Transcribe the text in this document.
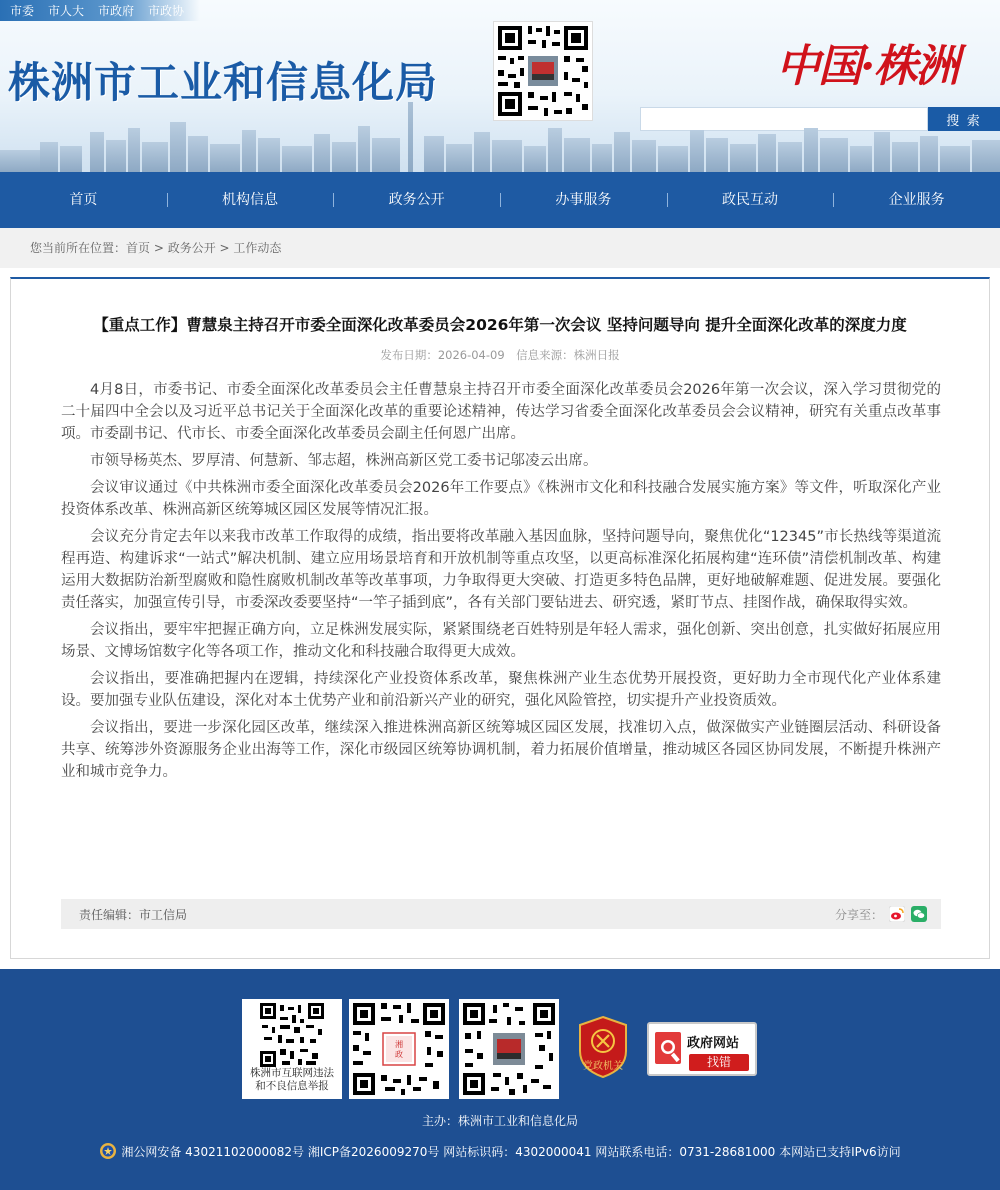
市委 市人大 市政府 市政协
株洲市工业和信息化局	中国·株洲
搜 索
首页	机构信息	政务公开	办事服务	政民互动	企业服务
您当前所在位置：首页 > 政务公开 > 工作动态
【重点工作】曹慧泉主持召开市委全面深化改革委员会2026年第一次会议 坚持问题导向 提升全面深化改革的深度力度
发布日期：2026-04-09　信息来源：株洲日报

4月8日，市委书记、市委全面深化改革委员会主任曹慧泉主持召开市委全面深化改革委员会2026年第一次会议，深入学习贯彻党的二十届四中全会以及习近平总书记关于全面深化改革的重要论述精神，传达学习省委全面深化改革委员会会议精神，研究有关重点改革事项。市委副书记、代市长、市委全面深化改革委员会副主任何恩广出席。

市领导杨英杰、罗厚清、何慧新、邹志超，株洲高新区党工委书记邬凌云出席。

会议审议通过《中共株洲市委全面深化改革委员会2026年工作要点》《株洲市文化和科技融合发展实施方案》等文件，听取深化产业投资体系改革、株洲高新区统筹城区园区发展等情况汇报。

会议充分肯定去年以来我市改革工作取得的成绩，指出要将改革融入基因血脉，坚持问题导向，聚焦优化“12345”市长热线等渠道流程再造、构建诉求“一站式”解决机制、建立应用场景培育和开放机制等重点攻坚，以更高标准深化拓展构建“连环债”清偿机制改革、构建运用大数据防治新型腐败和隐性腐败机制改革等改革事项，力争取得更大突破、打造更多特色品牌，更好地破解难题、促进发展。要强化责任落实，加强宣传引导，市委深改委要坚持“一竿子插到底”，各有关部门要钻进去、研究透，紧盯节点、挂图作战，确保取得实效。

会议指出，要牢牢把握正确方向，立足株洲发展实际，紧紧围绕老百姓特别是年轻人需求，强化创新、突出创意，扎实做好拓展应用场景、文博场馆数字化等各项工作，推动文化和科技融合取得更大成效。

会议指出，要准确把握内在逻辑，持续深化产业投资体系改革，聚焦株洲产业生态优势开展投资，更好助力全市现代化产业体系建设。要加强专业队伍建设，深化对本土优势产业和前沿新兴产业的研究，强化风险管控，切实提升产业投资质效。

会议指出，要进一步深化园区改革，继续深入推进株洲高新区统筹城区园区发展，找准切入点，做深做实产业链圈层活动、科研设备共享、统筹涉外资源服务企业出海等工作，深化市级园区统筹协调机制，着力拓展价值增量，推动城区各园区协同发展，不断提升株洲产业和城市竞争力。

责任编辑：市工信局	分享至：
株洲市互联网违法
和不良信息举报
湘
政
党政机关
政府网站
找错
主办：株洲市工业和信息化局
湘公网安备 43021102000082号 湘ICP备2026009270号 网站标识码：4302000041 网站联系电话：0731-28681000 本网站已支持IPv6访问
